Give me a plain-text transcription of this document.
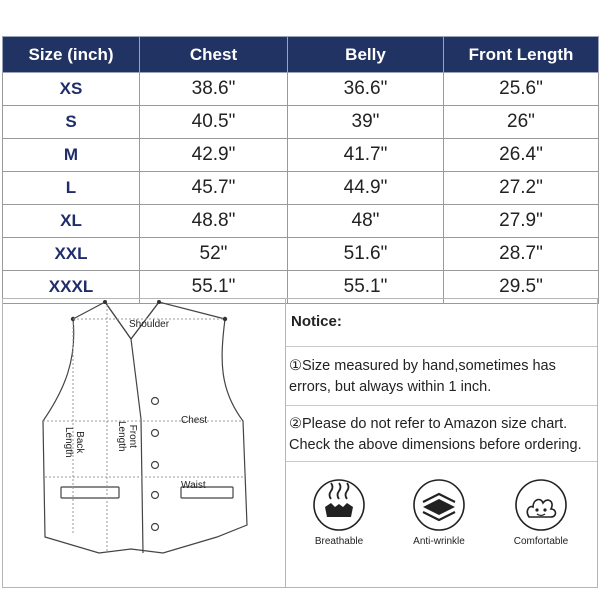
Size (inch)	Chest	Belly	Front Length
XS	38.6"	36.6"	25.6"
S	40.5"	39"	26"
M	42.9"	41.7"	26.4"
L	45.7"	44.9"	27.2"
XL	48.8"	48"	27.9"
XXL	52"	51.6"	28.7"
XXXL	55.1"	55.1"	29.5"
Shoulder
Chest
Waist
Back
Length	Front
Length
Notice:
①Size measured by hand,sometimes has errors, but always within 1 inch.
②Please do not refer to Amazon size chart. Check the above dimensions before ordering.
Breathable	Anti-wrinkle	Comfortable
